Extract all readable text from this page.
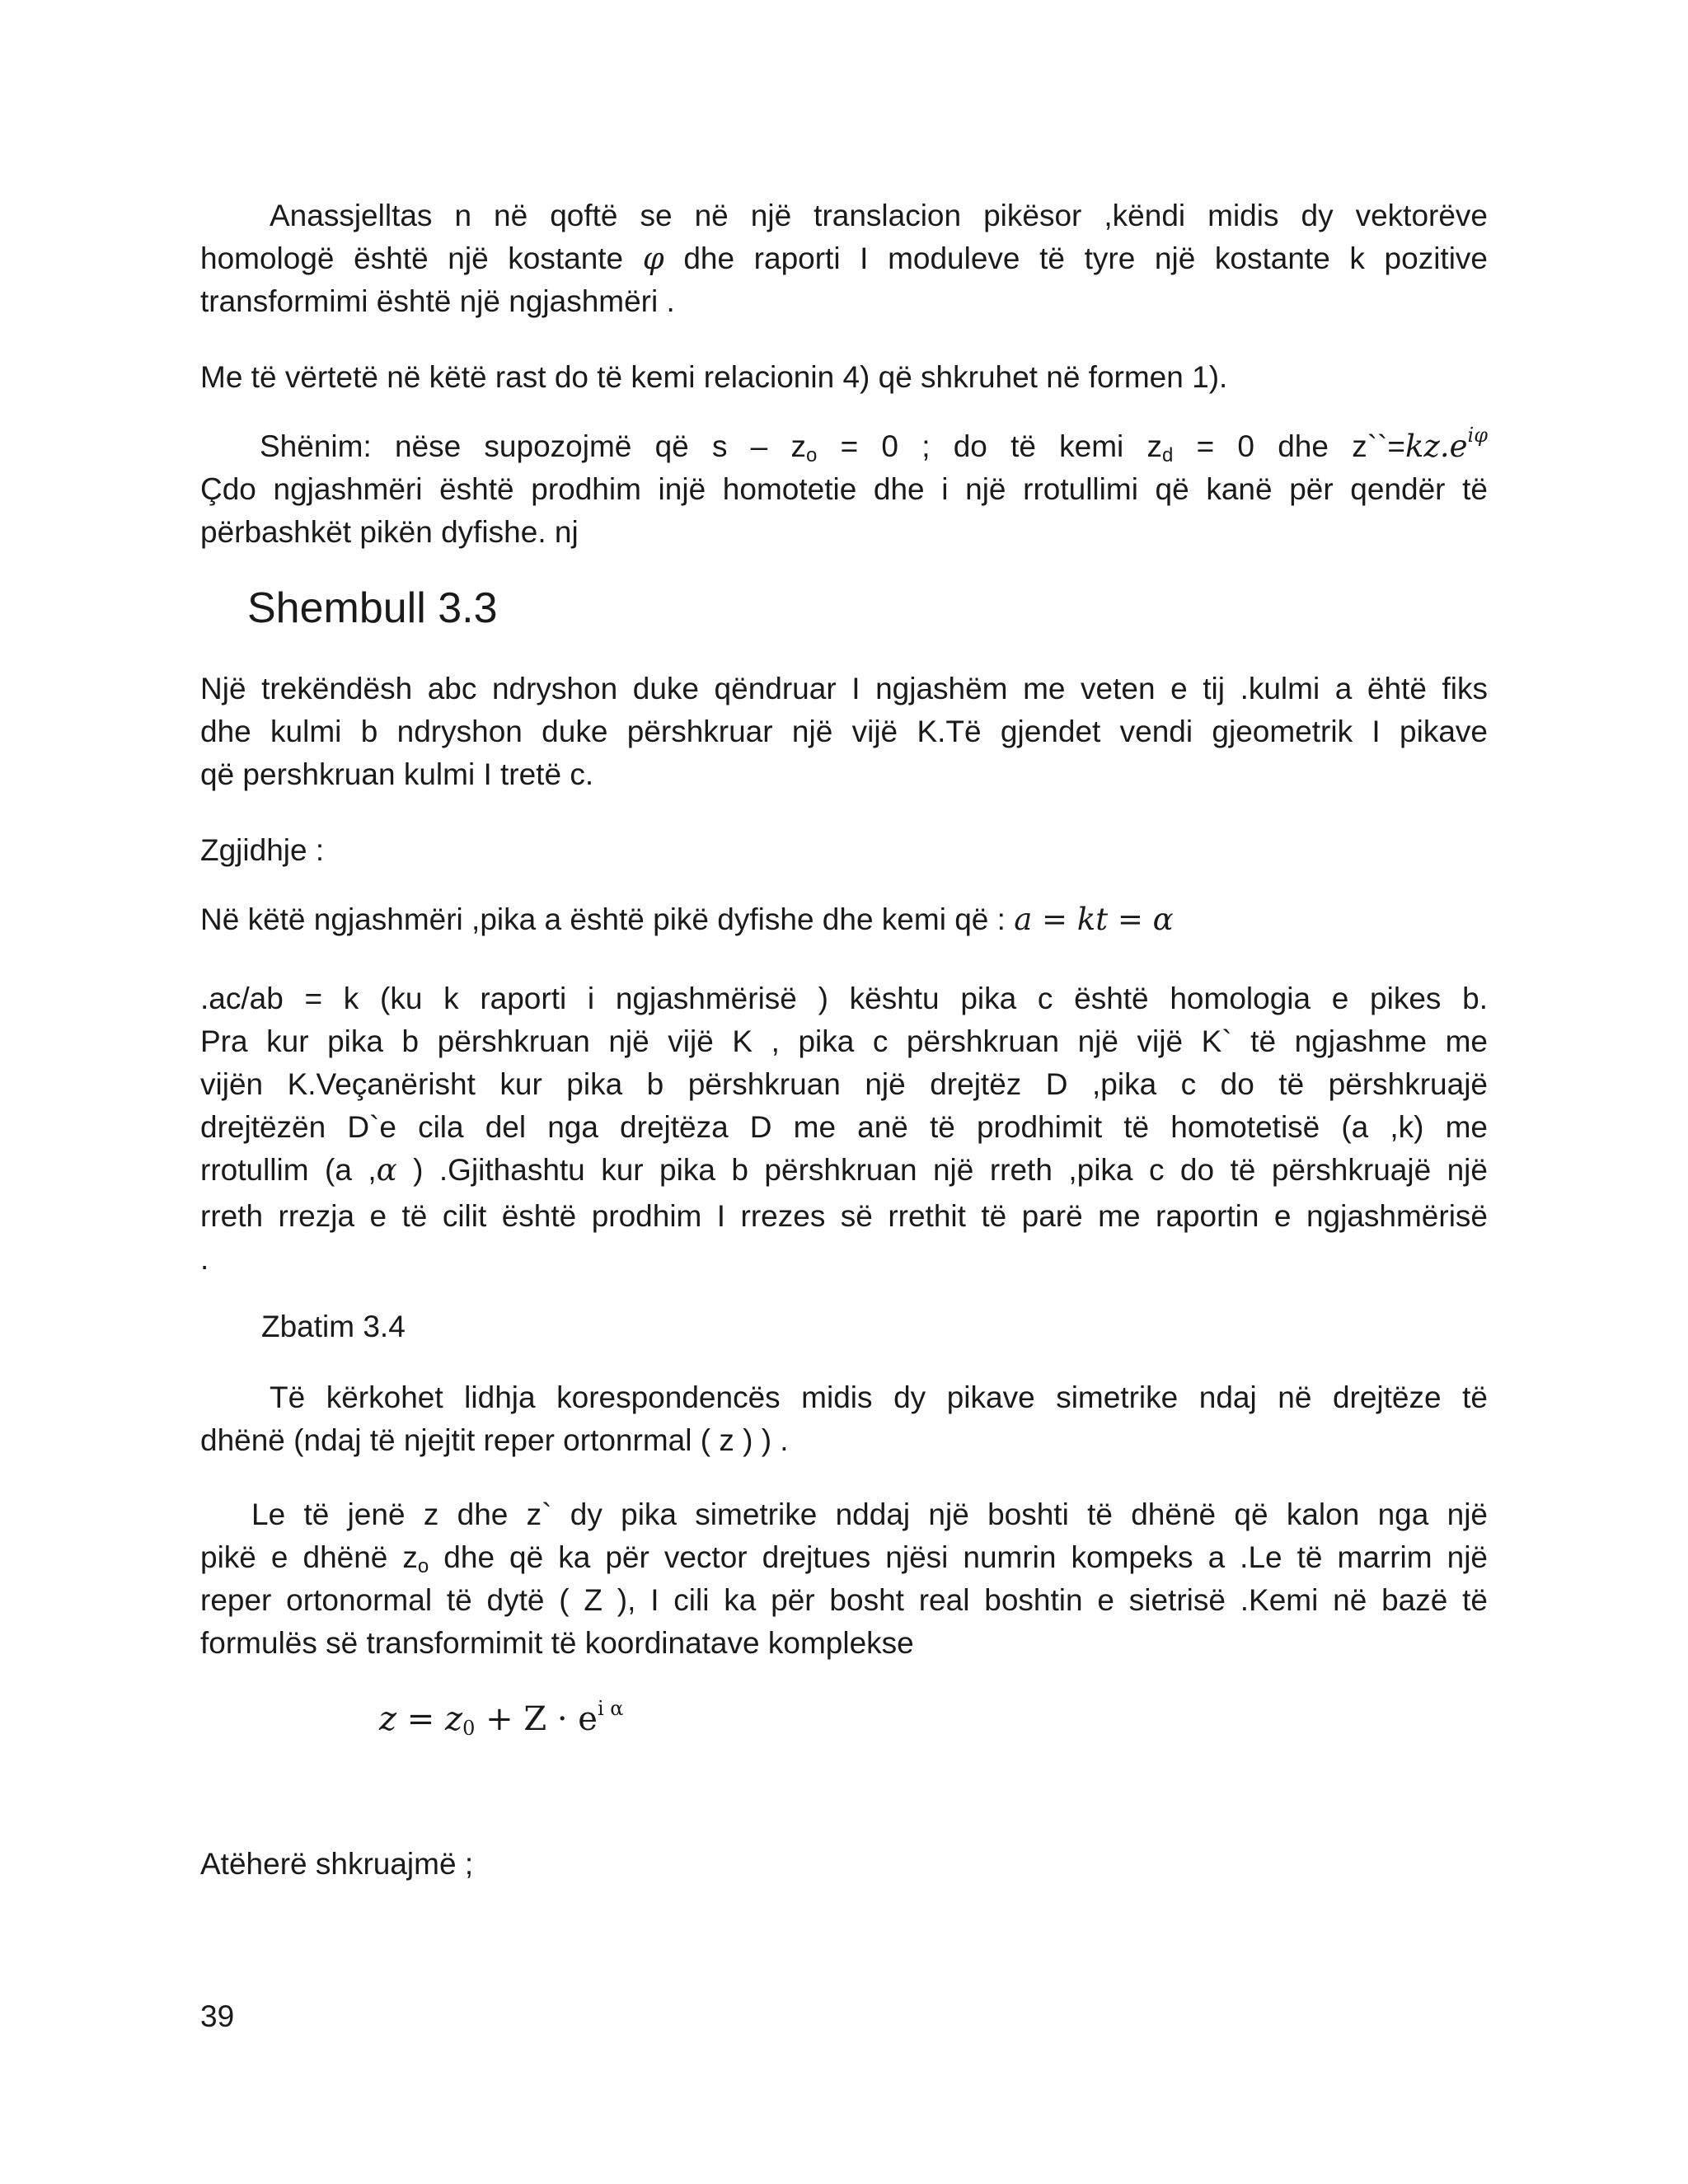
Anassjelltas n në qoftë se në një translacion pikësor ,këndi midis dy vektorëve
homologë është një kostante φ dhe raporti I moduleve të tyre një kostante k pozitive
transformimi është një ngjashmëri .
Me të vërtetë në këtë rast do të kemi relacionin 4) që shkruhet në formen 1).
Shënim: nëse supozojmë që $s - z_o = 0$ ; do të kemi $z_d = 0$ dhe $z``=kz.e^{i\varphi}$
Çdo ngjashmëri është prodhim injë homotetie dhe i një rrotullimi që kanë për qendër të
përbashkët pikën dyfishe. nj
Shembull 3.3
Një trekëndësh abc ndryshon duke qëndruar I ngjashëm me veten e tij .kulmi a ëhtë fiks
dhe kulmi b ndryshon duke përshkruar një vijë K.Të gjendet vendi gjeometrik I pikave
që pershkruan kulmi I tretë c.
Zgjidhje :
Në këtë ngjashmëri ,pika a është pikë dyfishe dhe kemi që : a = kt = α
.ac/ab = k (ku k raporti i ngjashmërisë ) kështu pika c është homologia e pikes b.
Pra kur pika b përshkruan një vijë K , pika c përshkruan një vijë K` të ngjashme me
vijën K.Veçanërisht kur pika b përshkruan një drejtëz D ,pika c do të përshkruajë
drejtëzën D`e cila del nga drejtëza D me anë të prodhimit të homotetisë (a ,k) me
rrotullim (a ,α ) .Gjithashtu kur pika b përshkruan një rreth ,pika c do të përshkruajë një
rreth rrezja e të cilit është prodhim I rrezes së rrethit të parë me raportin e ngjashmërisë
.
Zbatim 3.4
Të kërkohet lidhja korespondencës midis dy pikave simetrike ndaj në drejtëze të
dhënë (ndaj të njejtit reper ortonrmal ( z ) ) .
Le të jenë z dhe z` dy pika simetrike nddaj një boshti të dhënë që kalon nga një
pikë e dhënë $z_o$ dhe që ka për vector drejtues njësi numrin kompeks a .Le të marrim një
reper ortonormal të dytë ( Z ), I cili ka për bosht real boshtin e sietrisë .Kemi në bazë të
formulës së transformimit të koordinatave komplekse
$z = z_0 + Z \cdot e^{i \alpha}$
Atëherë shkruajmë ;
39
